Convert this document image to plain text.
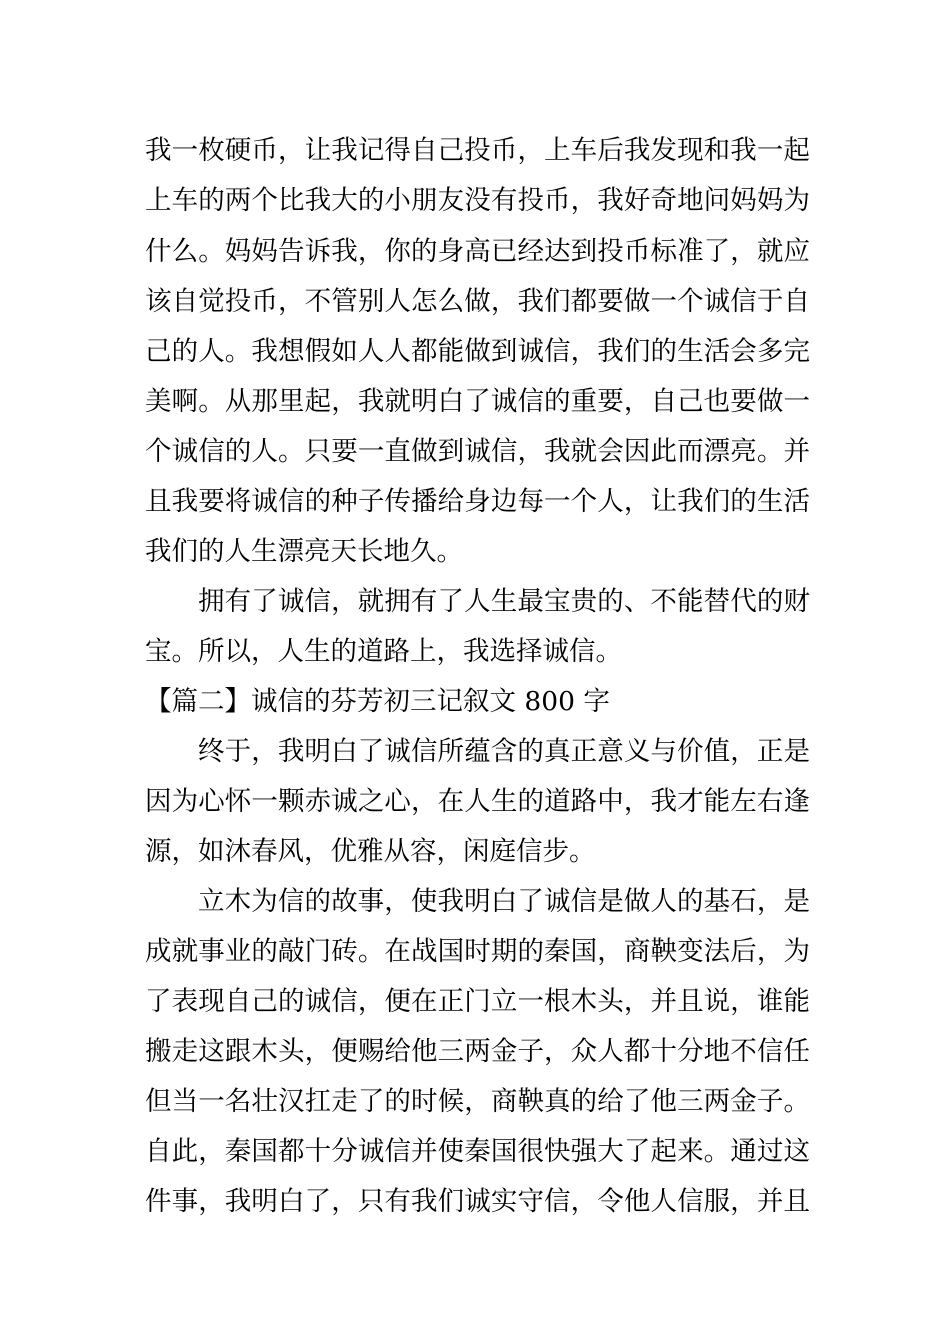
我一枚硬币，让我记得自己投币，上车后我发现和我一起
上车的两个比我大的小朋友没有投币，我好奇地问妈妈为
什么。妈妈告诉我，你的身高已经达到投币标准了，就应
该自觉投币，不管别人怎么做，我们都要做一个诚信于自
己的人。我想假如人人都能做到诚信，我们的生活会多完
美啊。从那里起，我就明白了诚信的重要，自己也要做一
个诚信的人。只要一直做到诚信，我就会因此而漂亮。并
且我要将诚信的种子传播给身边每一个人，让我们的生活
我们的人生漂亮天长地久。
拥有了诚信，就拥有了人生最宝贵的、不能替代的财
宝。所以，人生的道路上，我选择诚信。
【篇二】诚信的芬芳初三记叙文 800 字
终于，我明白了诚信所蕴含的真正意义与价值，正是
因为心怀一颗赤诚之心，在人生的道路中，我才能左右逢
源，如沐春风，优雅从容，闲庭信步。
立木为信的故事，使我明白了诚信是做人的基石，是
成就事业的敲门砖。在战国时期的秦国，商鞅变法后，为
了表现自己的诚信，便在正门立一根木头，并且说，谁能
搬走这跟木头，便赐给他三两金子，众人都十分地不信任
但当一名壮汉扛走了的时候，商鞅真的给了他三两金子。
自此，秦国都十分诚信并使秦国很快强大了起来。通过这
件事，我明白了，只有我们诚实守信，令他人信服，并且
